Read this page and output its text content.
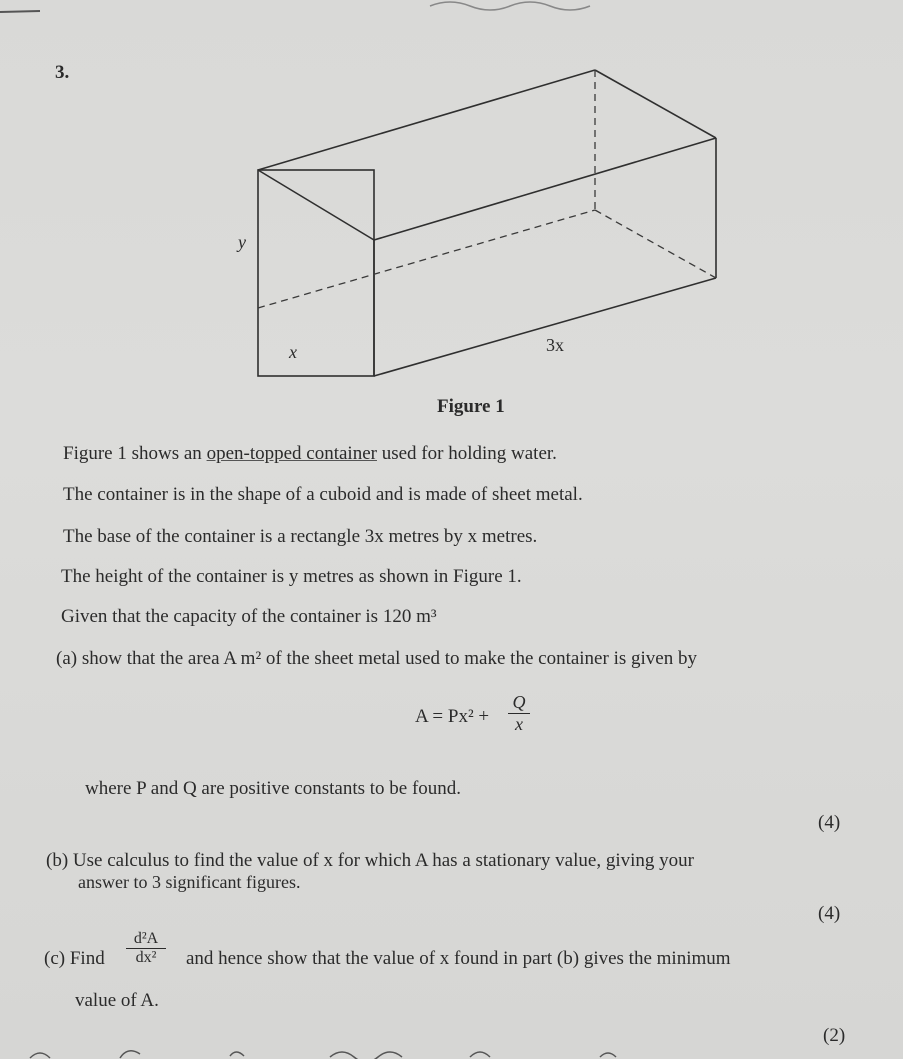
3.

y
x	3x

Figure 1

Figure 1 shows an open-topped container used for holding water.

The container is in the shape of a cuboid and is made of sheet metal.

The base of the container is a rectangle 3x metres by x metres.

The height of the container is y metres as shown in Figure 1.

Given that the capacity of the container is 120 m³

(a) show that the area A m² of the sheet metal used to make the container is given by

$A = Px^2 + \frac{Q}{x}$

where P and Q are positive constants to be found.

(4)

(b) Use calculus to find the value of x for which A has a stationary value, giving your

answer to 3 significant figures.

(4)

(c) Find $\frac{\text{d²A}}{\text{dx²}}$ and hence show that the value of x found in part (b) gives the minimum

value of A.

(2)
